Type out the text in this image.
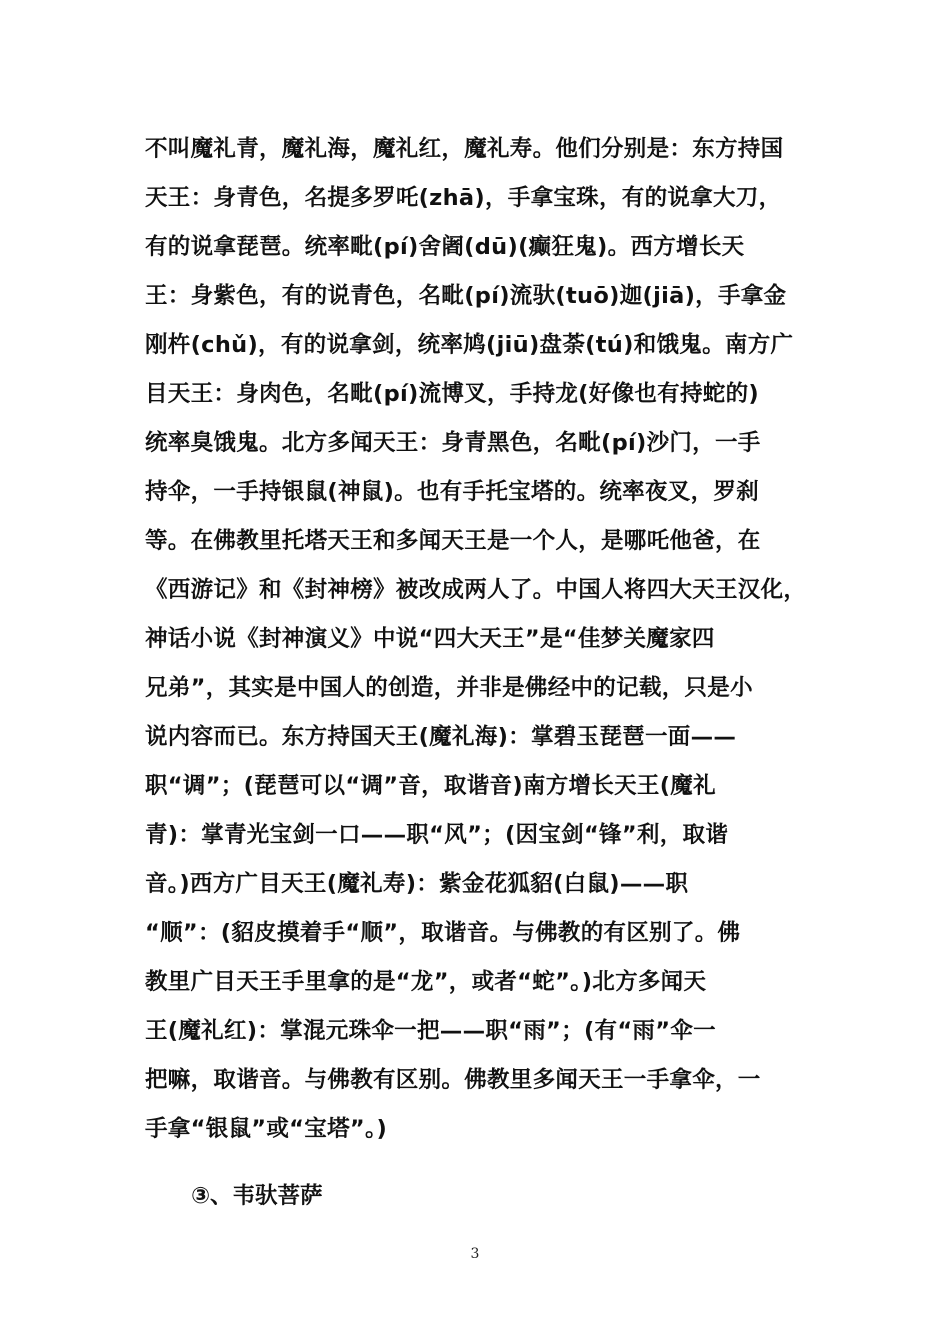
不叫魔礼青，魔礼海，魔礼红，魔礼寿。他们分别是：东方持国
天王：身青色，名提多罗吒(zhā)，手拿宝珠，有的说拿大刀，
有的说拿琵琶。统率毗(pí)舍阇(dū)(癫狂鬼)。西方增长天
王：身紫色，有的说青色，名毗(pí)流驮(tuō)迦(jiā)，手拿金
刚杵(chǔ)，有的说拿剑，统率鸠(jiū)盘荼(tú)和饿鬼。南方广
目天王：身肉色，名毗(pí)流博叉，手持龙(好像也有持蛇的)
统率臭饿鬼。北方多闻天王：身青黑色，名毗(pí)沙门，一手
持伞，一手持银鼠(神鼠)。也有手托宝塔的。统率夜叉，罗刹
等。在佛教里托塔天王和多闻天王是一个人，是哪吒他爸，在
《西游记》和《封神榜》被改成两人了。中国人将四大天王汉化，
神话小说《封神演义》中说“四大天王”是“佳梦关魔家四
兄弟”，其实是中国人的创造，并非是佛经中的记载，只是小
说内容而已。东方持国天王(魔礼海)：掌碧玉琵琶一面——
职“调”；(琵琶可以“调”音，取谐音)南方增长天王(魔礼
青)：掌青光宝剑一口——职“风”；(因宝剑“锋”利，取谐
音。)西方广目天王(魔礼寿)：紫金花狐貂(白鼠)——职
“顺”：(貂皮摸着手“顺”，取谐音。与佛教的有区别了。佛
教里广目天王手里拿的是“龙”，或者“蛇”。)北方多闻天
王(魔礼红)：掌混元珠伞一把——职“雨”；(有“雨”伞一
把嘛，取谐音。与佛教有区别。佛教里多闻天王一手拿伞，一
手拿“银鼠”或“宝塔”。)
③、韦驮菩萨
3
